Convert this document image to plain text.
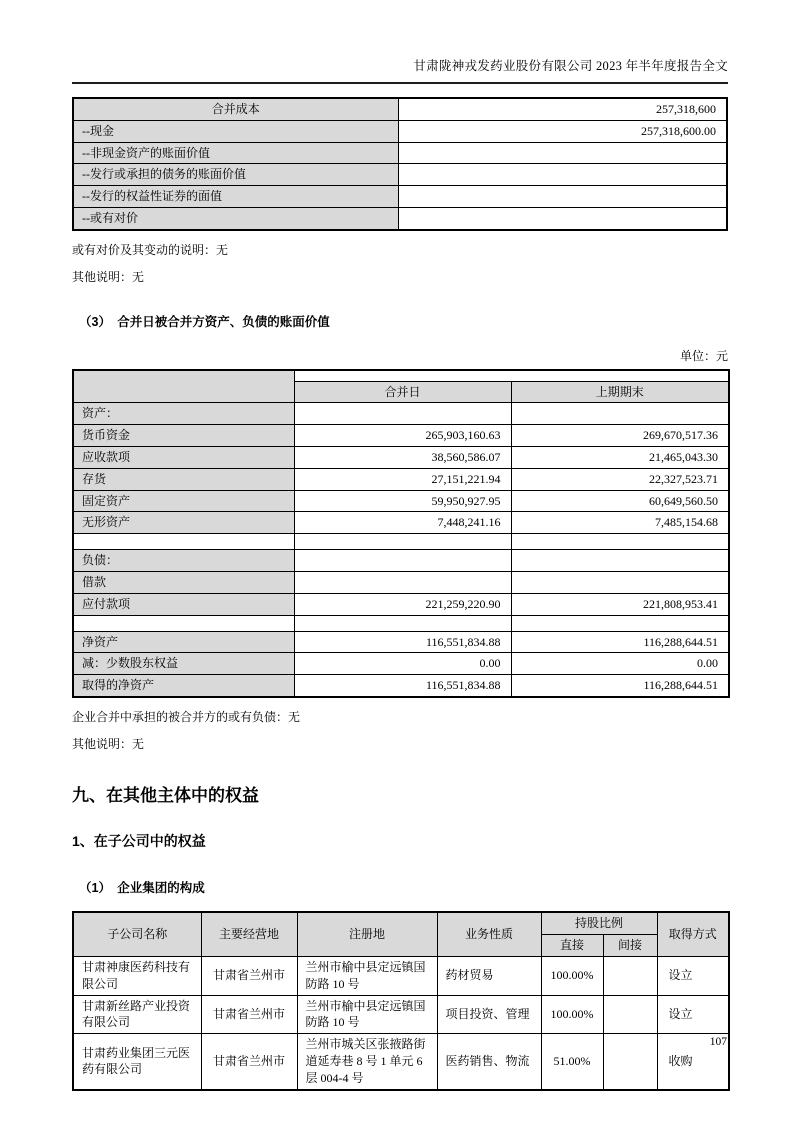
甘肃陇神戎发药业股份有限公司 2023 年半年度报告全文
合并成本	257,318,600
--现金	257,318,600.00
--非现金资产的账面价值	
--发行或承担的债务的账面价值	
--发行的权益性证券的面值	
--或有对价	

或有对价及其变动的说明：无

其他说明：无

（3）　合并日被合并方资产、负债的账面价值
单位：元

	合并日	上期期末
资产：		
货币资金	265,903,160.63	269,670,517.36
应收款项	38,560,586.07	21,465,043.30
存货	27,151,221.94	22,327,523.71
固定资产	59,950,927.95	60,649,560.50
无形资产	7,448,241.16	7,485,154.68

负债：		
借款		
应付款项	221,259,220.90	221,808,953.41

净资产	116,551,834.88	116,288,644.51
减：少数股东权益	0.00	0.00
取得的净资产	116,551,834.88	116,288,644.51

企业合并中承担的被合并方的或有负债：无

其他说明：无

九、在其他主体中的权益
1、在子公司中的权益
（1）　企业集团的构成
子公司名称	主要经营地	注册地	业务性质	持股比例		取得方式
				直接	间接	
甘肃神康医药科技有限公司	甘肃省兰州市	兰州市榆中县定远镇国防路 10 号	药材贸易	100.00%		设立
甘肃新丝路产业投资有限公司	甘肃省兰州市	兰州市榆中县定远镇国防路 10 号	项目投资、管理	100.00%		设立
甘肃药业集团三元医药有限公司	甘肃省兰州市	兰州市城关区张掖路街道延寿巷 8 号 1 单元 6 层 004-4 号	医药销售、物流	51.00%		收购
107
